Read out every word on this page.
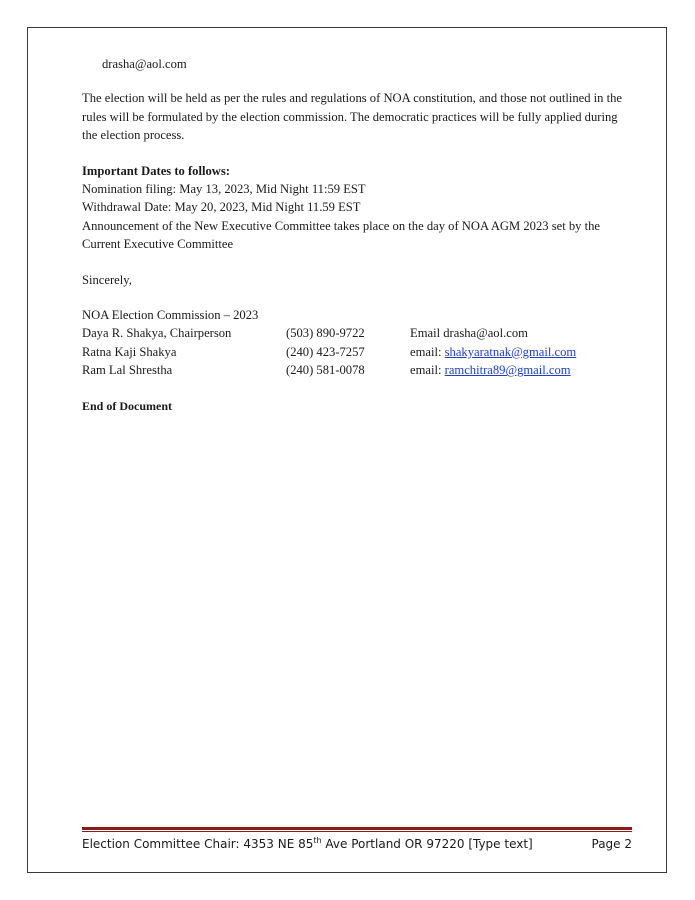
drasha@aol.com

The election will be held as per the rules and regulations of NOA constitution, and those not outlined in the rules will be formulated by the election commission. The democratic practices will be fully applied during the election process.

Important Dates to follows:

Nomination filing: May 13, 2023, Mid Night 11:59 EST

Withdrawal Date: May 20, 2023, Mid Night 11.59 EST

Announcement of the New Executive Committee takes place on the day of NOA AGM 2023 set by the Current Executive Committee

Sincerely,

NOA Election Commission – 2023

Daya R. Shakya, Chairperson	(503) 890-9722	Email drasha@aol.com
Ratna Kaji Shakya	(240) 423-7257	email: shakyaratnak@gmail.com
Ram Lal Shrestha	(240) 581-0078	email: ramchitra89@gmail.com

End of Document

Election Committee Chair: 4353 NE 85th Ave Portland OR 97220 [Type text]	Page 2
